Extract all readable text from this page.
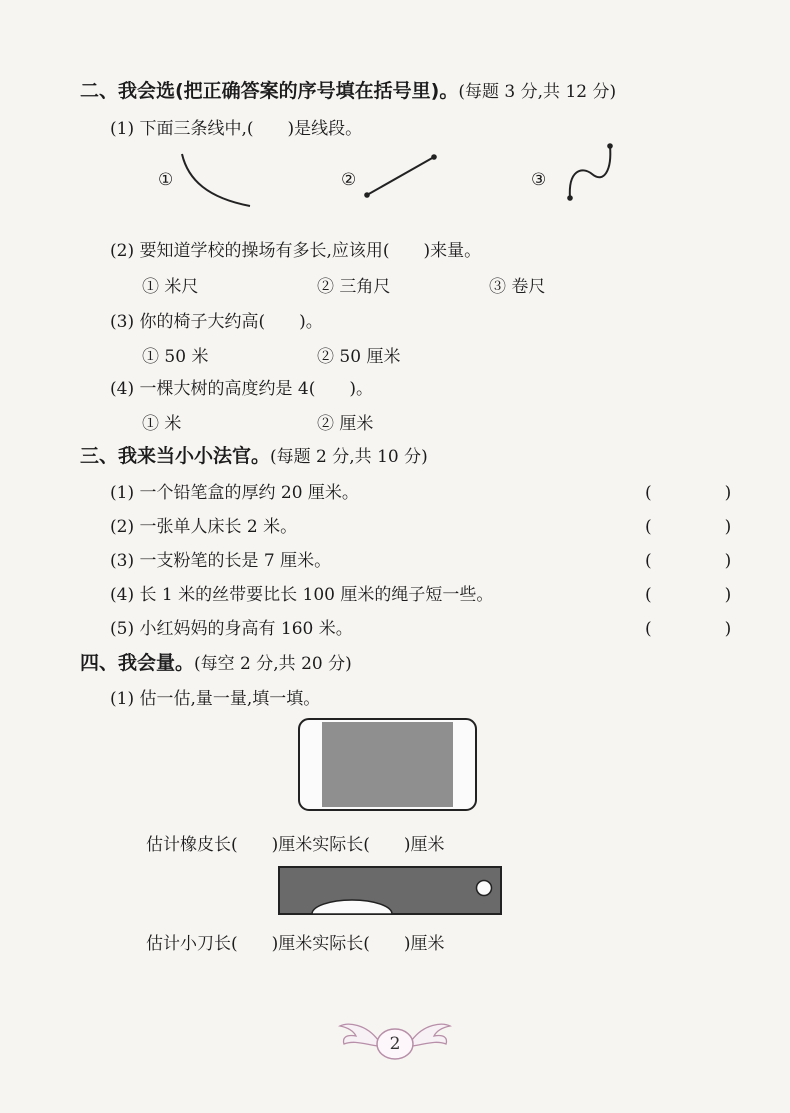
二、我会选(把正确答案的序号填在括号里)。(每题 3 分,共 12 分)
(1) 下面三条线中,(　　)是线段。
①	②	③
(2) 要知道学校的操场有多长,应该用(　　)来量。
① 米尺	② 三角尺	③ 卷尺
(3) 你的椅子大约高(　　)。
① 50 米	② 50 厘米
(4) 一棵大树的高度约是 4(　　)。
① 米	② 厘米
三、我来当小小法官。(每题 2 分,共 10 分)
(1) 一个铅笔盒的厚约 20 厘米。	(　)
(2) 一张单人床长 2 米。	(　)
(3) 一支粉笔的长是 7 厘米。	(　)
(4) 长 1 米的丝带要比长 100 厘米的绳子短一些。	(　)
(5) 小红妈妈的身高有 160 米。	(　)
四、我会量。(每空 2 分,共 20 分)
(1) 估一估,量一量,填一填。
估计橡皮长(　　)厘米实际长(　　)厘米
估计小刀长(　　)厘米实际长(　　)厘米
2
